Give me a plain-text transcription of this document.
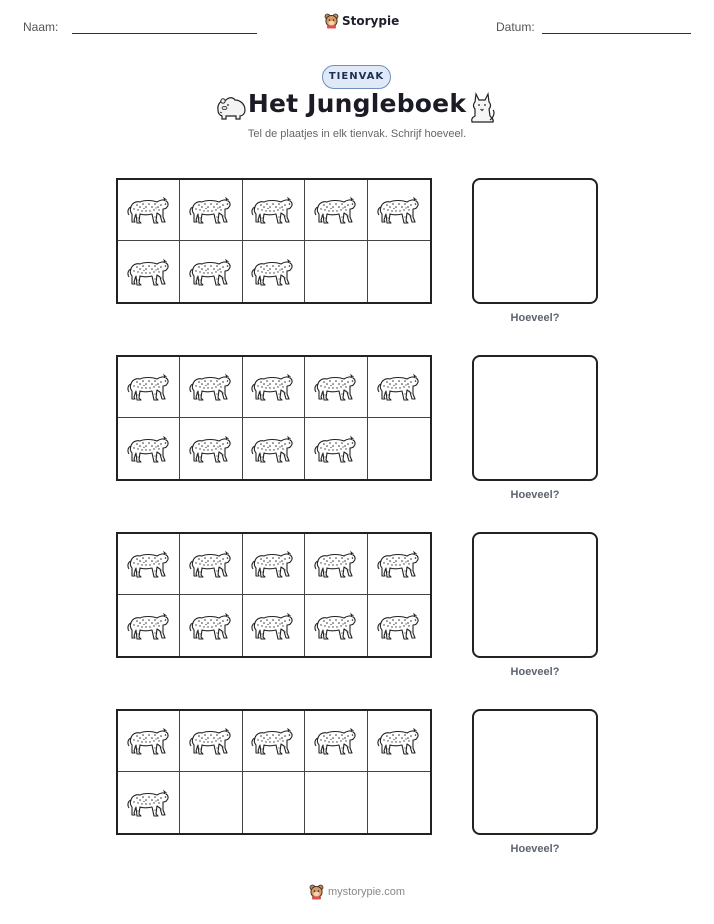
Naam:	Storypie	Datum:
TIENVAK
Het Jungleboek
Tel de plaatjes in elk tienvak. Schrijf hoeveel.
Hoeveel?
Hoeveel?
Hoeveel?
Hoeveel?
mystorypie.com
